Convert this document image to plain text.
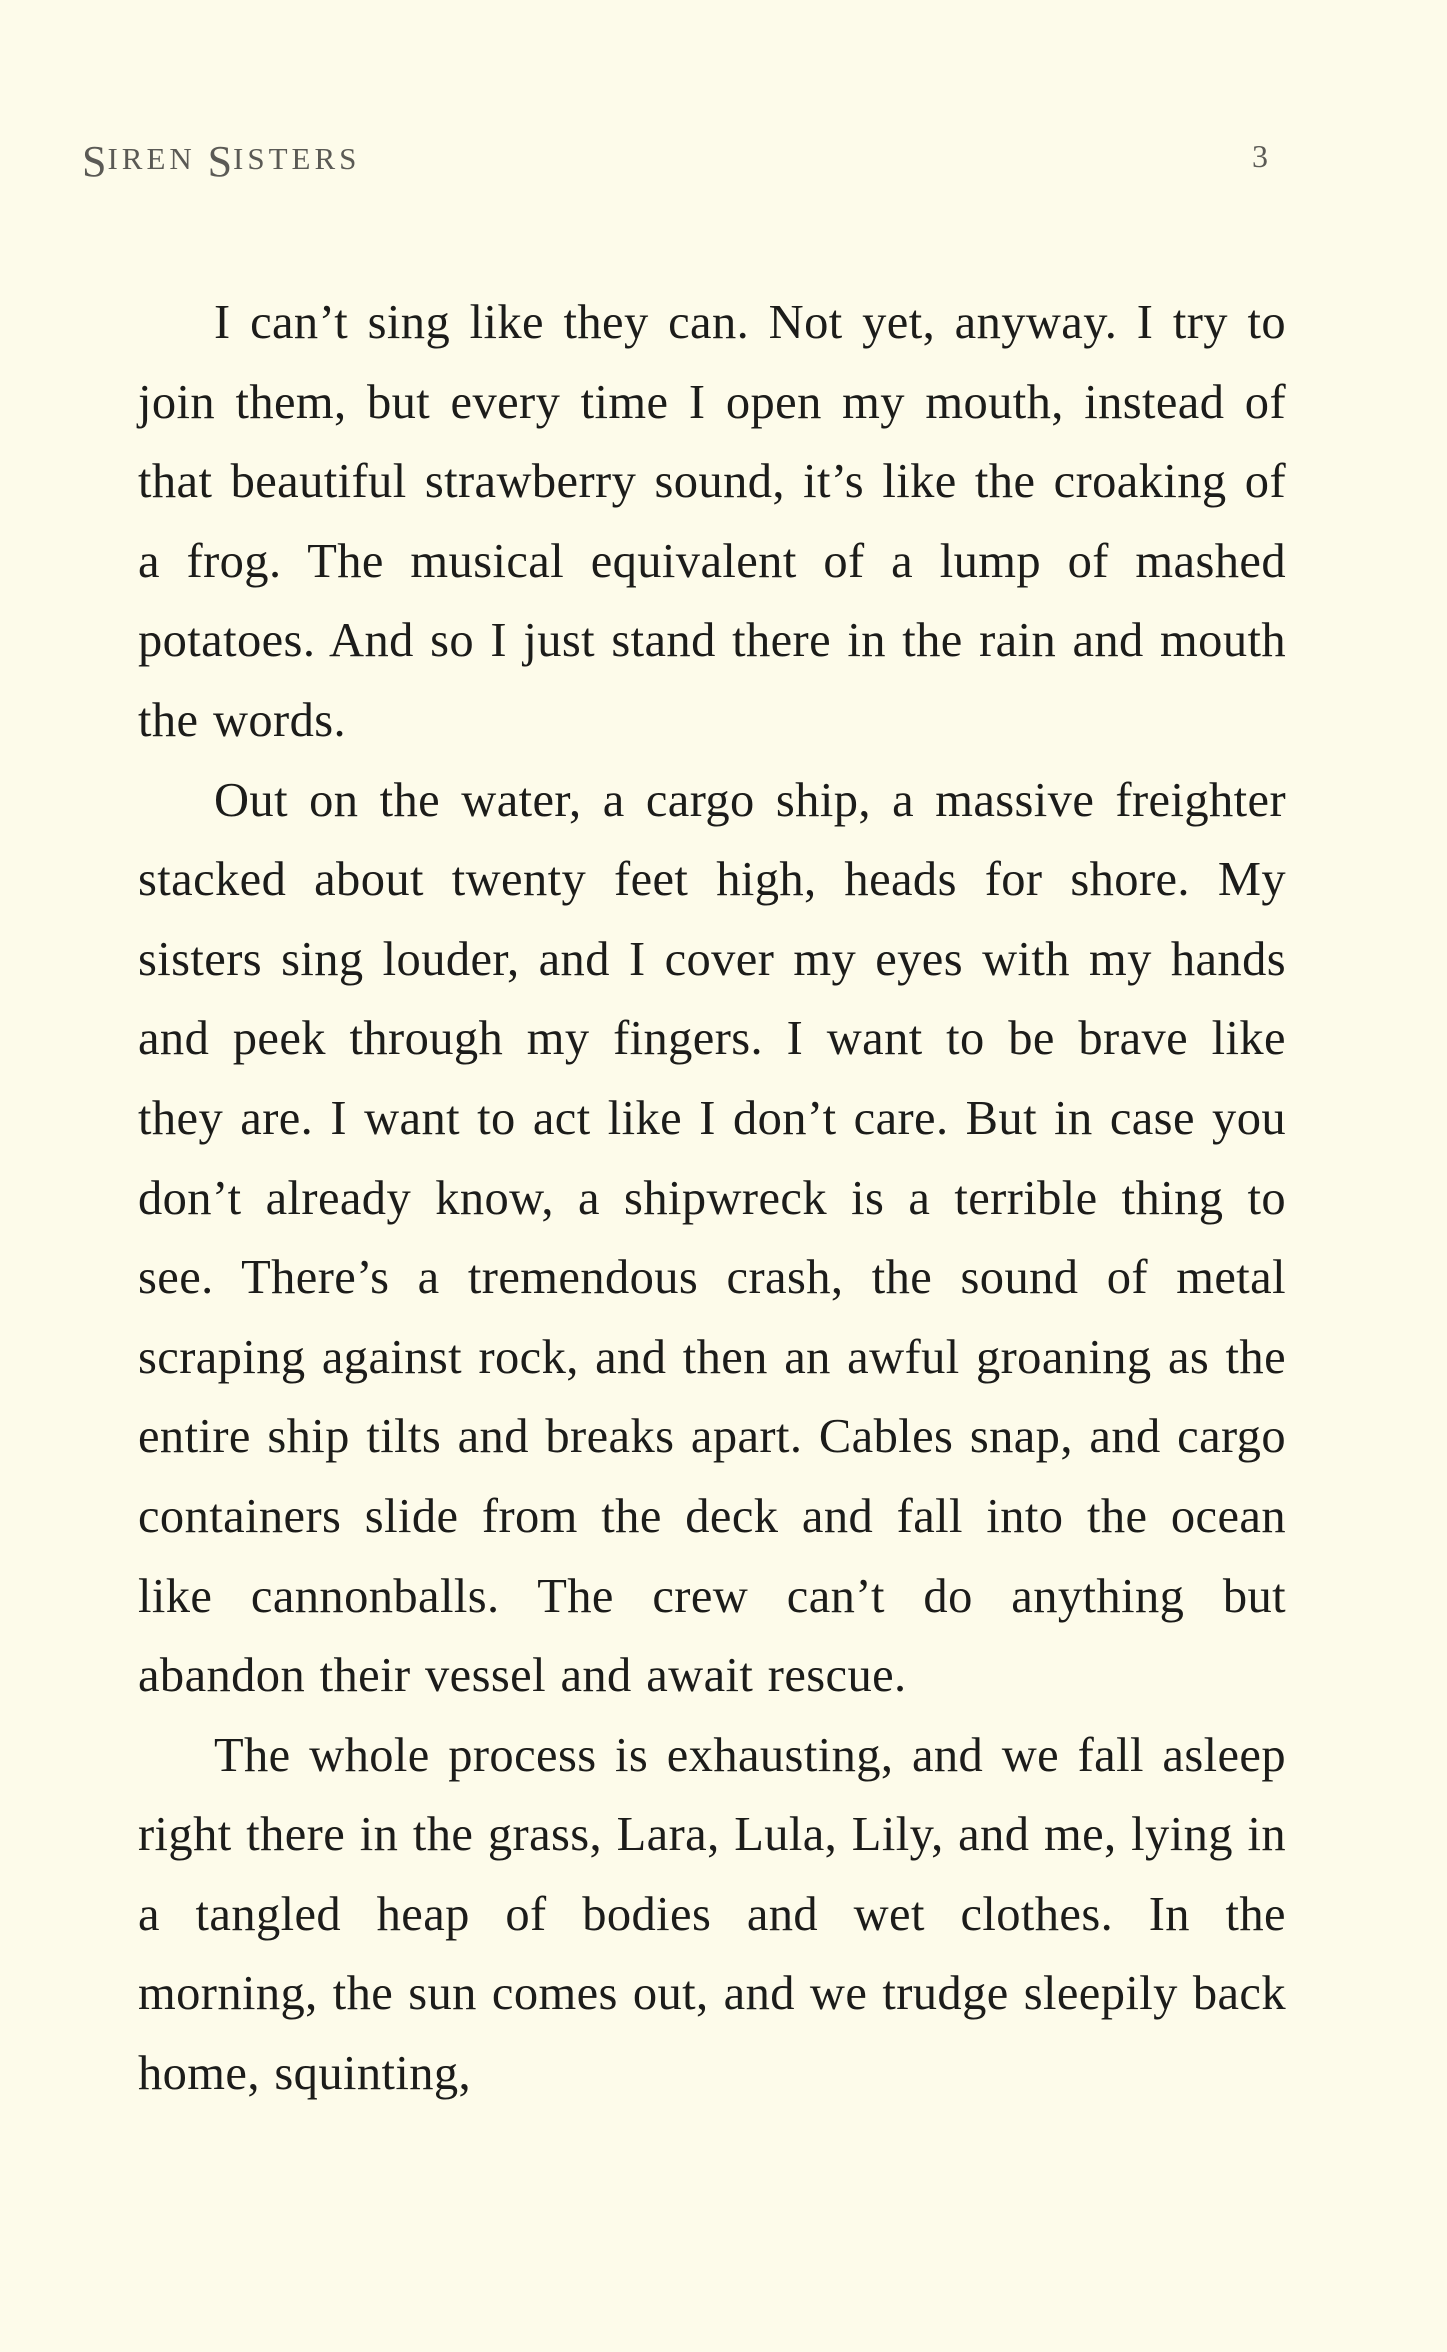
SIREN SISTERS	3

I can’t sing like they can. Not yet, anyway. I try to join them, but every time I open my mouth, instead of that beautiful strawberry sound, it’s like the croaking of a frog. The musical equivalent of a lump of mashed potatoes. And so I just stand there in the rain and mouth the words.

Out on the water, a cargo ship, a massive freighter stacked about twenty feet high, heads for shore. My sisters sing louder, and I cover my eyes with my hands and peek through my fingers. I want to be brave like they are. I want to act like I don’t care. But in case you don’t already know, a shipwreck is a terrible thing to see. There’s a tremendous crash, the sound of metal scraping against rock, and then an awful groaning as the entire ship tilts and breaks apart. Cables snap, and cargo containers slide from the deck and fall into the ocean like cannonballs. The crew can’t do anything but abandon their vessel and await rescue.

The whole process is exhausting, and we fall asleep right there in the grass, Lara, Lula, Lily, and me, lying in a tangled heap of bodies and wet clothes. In the morning, the sun comes out, and we trudge sleepily back home, squinting,
